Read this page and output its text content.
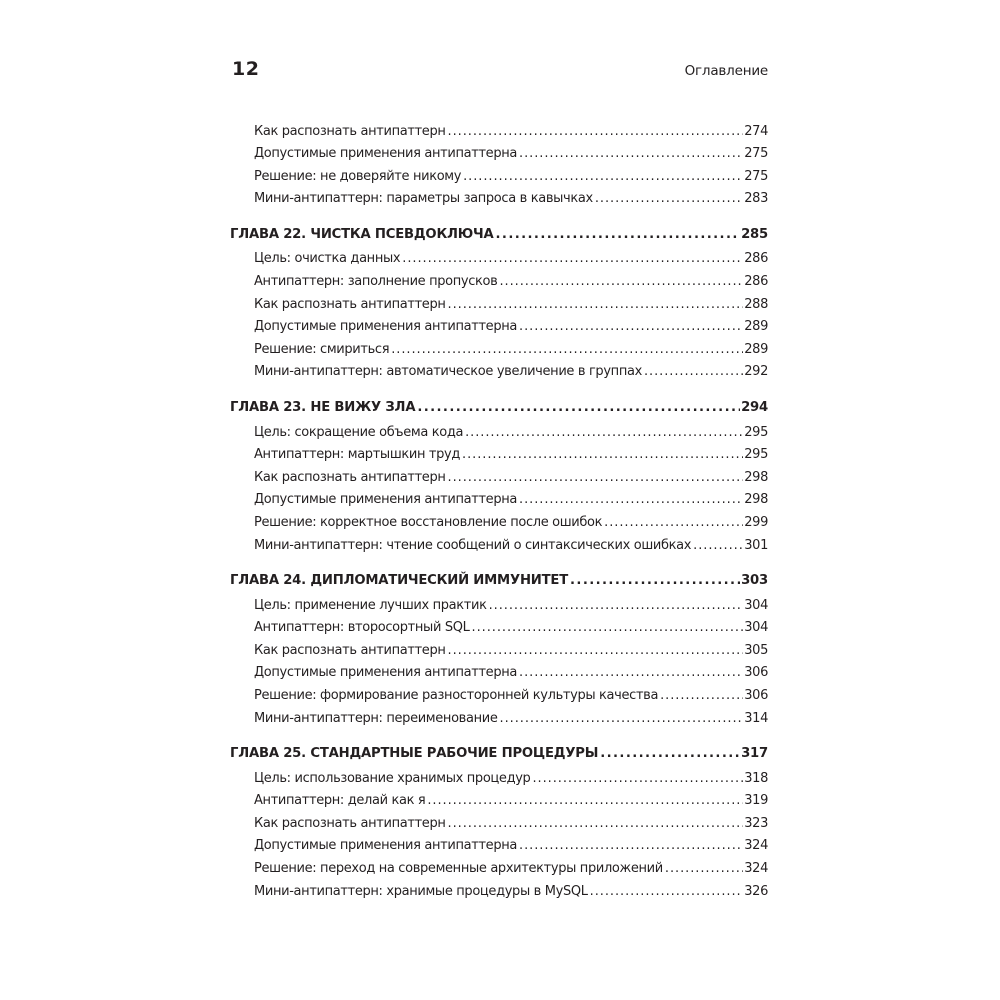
12	Оглавление
Как распознать антипаттерн . . .	274
Допустимые применения антипаттерна . . .	275
Решение: не доверяйте никому . . .	275
Мини-антипаттерн: параметры запроса в кавычках . . .	283
ГЛАВА 22. ЧИСТКА ПСЕВДОКЛЮЧА . . .	285
Цель: очистка данных . . .	286
Антипаттерн: заполнение пропусков . . .	286
Как распознать антипаттерн . . .	288
Допустимые применения антипаттерна . . .	289
Решение: смириться . . .	289
Мини-антипаттерн: автоматическое увеличение в группах . . .	292
ГЛАВА 23. НЕ ВИЖУ ЗЛА . . .	294
Цель: сокращение объема кода . . .	295
Антипаттерн: мартышкин труд . . .	295
Как распознать антипаттерн . . .	298
Допустимые применения антипаттерна . . .	298
Решение: корректное восстановление после ошибок . . .	299
Мини-антипаттерн: чтение сообщений о синтаксических ошибках . . .	301
ГЛАВА 24. ДИПЛОМАТИЧЕСКИЙ ИММУНИТЕТ . . .	303
Цель: применение лучших практик . . .	304
Антипаттерн: второсортный SQL . . .	304
Как распознать антипаттерн . . .	305
Допустимые применения антипаттерна . . .	306
Решение: формирование разносторонней культуры качества . . .	306
Мини-антипаттерн: переименование . . .	314
ГЛАВА 25. СТАНДАРТНЫЕ РАБОЧИЕ ПРОЦЕДУРЫ . . .	317
Цель: использование хранимых процедур . . .	318
Антипаттерн: делай как я . . .	319
Как распознать антипаттерн . . .	323
Допустимые применения антипаттерна . . .	324
Решение: переход на современные архитектуры приложений . . .	324
Мини-антипаттерн: хранимые процедуры в MySQL . . .	326
